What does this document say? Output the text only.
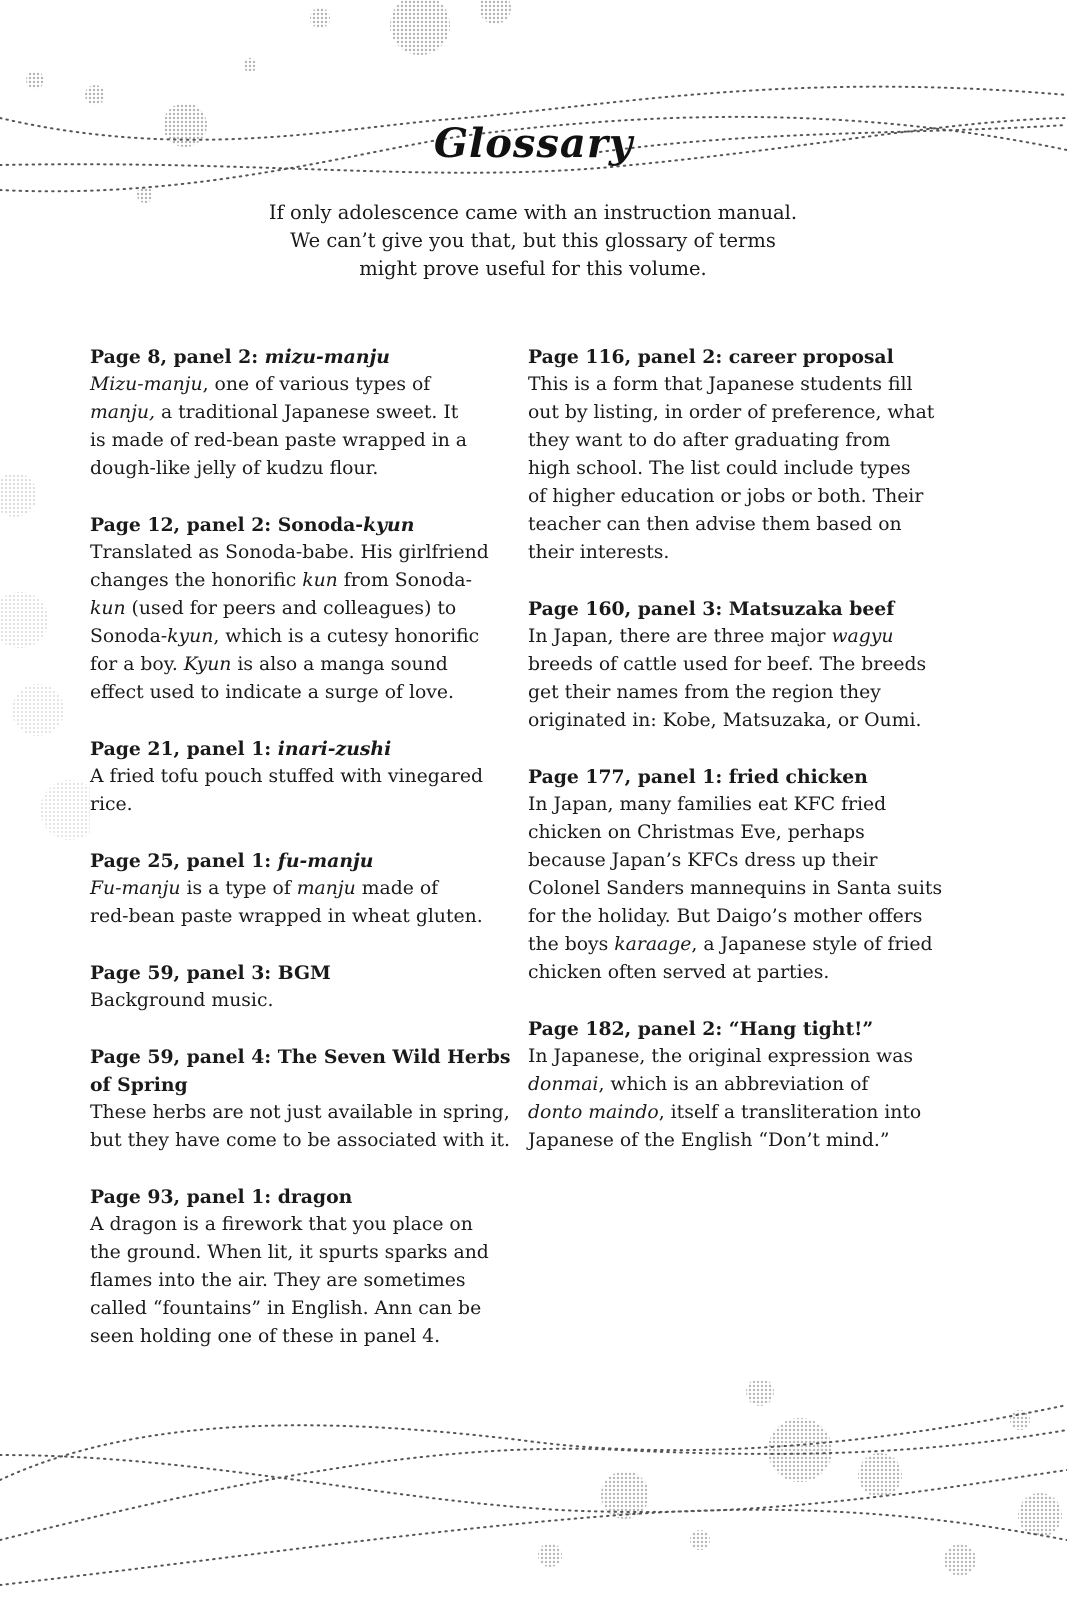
Glossary
If only adolescence came with an instruction manual.
We can’t give you that, but this glossary of terms
might prove useful for this volume.
Page 8, panel 2: mizu-manju
Mizu-manju, one of various types of
manju, a traditional Japanese sweet. It
is made of red-bean paste wrapped in a
dough-like jelly of kudzu flour.
Page 12, panel 2: Sonoda-kyun
Translated as Sonoda-babe. His girlfriend
changes the honorific kun from Sonoda-
kun (used for peers and colleagues) to
Sonoda-kyun, which is a cutesy honorific
for a boy. Kyun is also a manga sound
effect used to indicate a surge of love.
Page 21, panel 1: inari-zushi
A fried tofu pouch stuffed with vinegared
rice.
Page 25, panel 1: fu-manju
Fu-manju is a type of manju made of
red-bean paste wrapped in wheat gluten.
Page 59, panel 3: BGM
Background music.
Page 59, panel 4: The Seven Wild Herbs
of Spring
These herbs are not just available in spring,
but they have come to be associated with it.
Page 93, panel 1: dragon
A dragon is a firework that you place on
the ground. When lit, it spurts sparks and
flames into the air. They are sometimes
called “fountains” in English. Ann can be
seen holding one of these in panel 4.
Page 116, panel 2: career proposal
This is a form that Japanese students fill
out by listing, in order of preference, what
they want to do after graduating from
high school. The list could include types
of higher education or jobs or both. Their
teacher can then advise them based on
their interests.
Page 160, panel 3: Matsuzaka beef
In Japan, there are three major wagyu
breeds of cattle used for beef. The breeds
get their names from the region they
originated in: Kobe, Matsuzaka, or Oumi.
Page 177, panel 1: fried chicken
In Japan, many families eat KFC fried
chicken on Christmas Eve, perhaps
because Japan’s KFCs dress up their
Colonel Sanders mannequins in Santa suits
for the holiday. But Daigo’s mother offers
the boys karaage, a Japanese style of fried
chicken often served at parties.
Page 182, panel 2: “Hang tight!”
In Japanese, the original expression was
donmai, which is an abbreviation of
donto maindo, itself a transliteration into
Japanese of the English “Don’t mind.”
